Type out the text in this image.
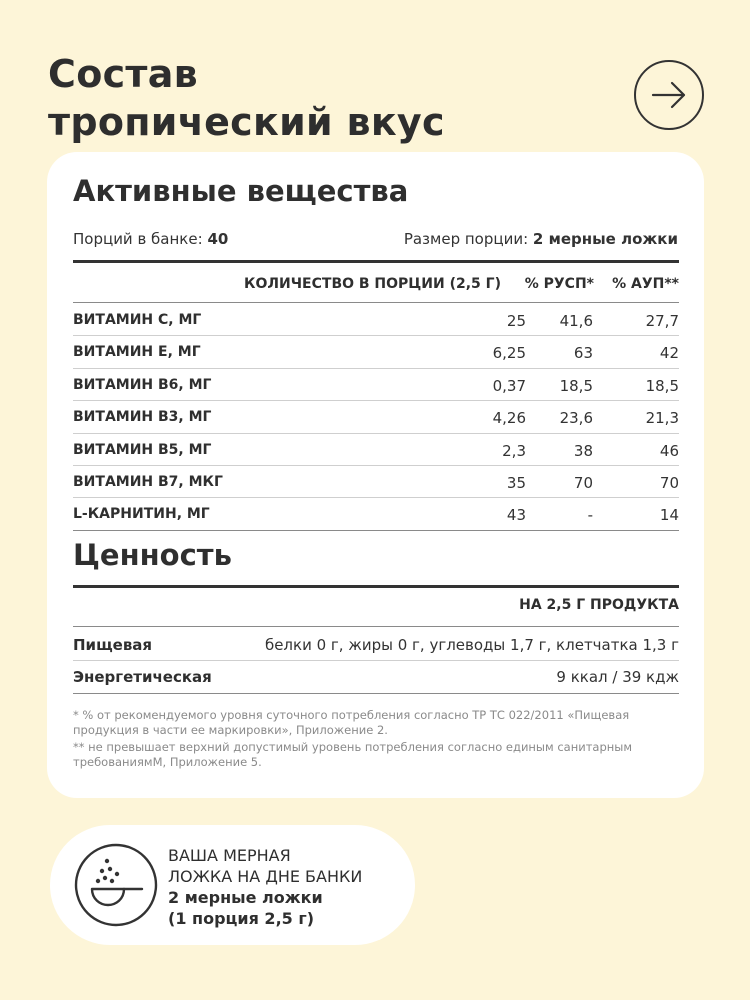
Состав
тропический вкус
Активные вещества
Порций в банке: 40	Размер порции: 2 мерные ложки
КОЛИЧЕСТВО В ПОРЦИИ (2,5 Г) % РУСП* % АУП**
ВИТАМИН С, МГ	25 41,6	27,7
ВИТАМИН Е, МГ	6,25	63	42
ВИТАМИН В6, МГ	0,37 18,5	18,5
ВИТАМИН В3, МГ	4,26 23,6	21,3
ВИТАМИН В5, МГ	2,3	38	46
ВИТАМИН В7, МКГ	35	70	70
L-КАРНИТИН, МГ	43	-	14
Ценность
НА 2,5 Г ПРОДУКТА
Пищевая	белки 0 г, жиры 0 г, углеводы 1,7 г, клетчатка 1,3 г
Энергетическая	9 ккал / 39 кдж

* % от рекомендуемого уровня суточного потребления согласно ТР ТС 022/2011 «Пищевая продукция в части ее маркировки», Приложение 2.

** не превышает верхний допустимый уровень потребления согласно единым санитарным требованиямМ, Приложение 5.

ВАША МЕРНАЯ
ЛОЖКА НА ДНЕ БАНКИ
2 мерные ложки
(1 порция 2,5 г)
